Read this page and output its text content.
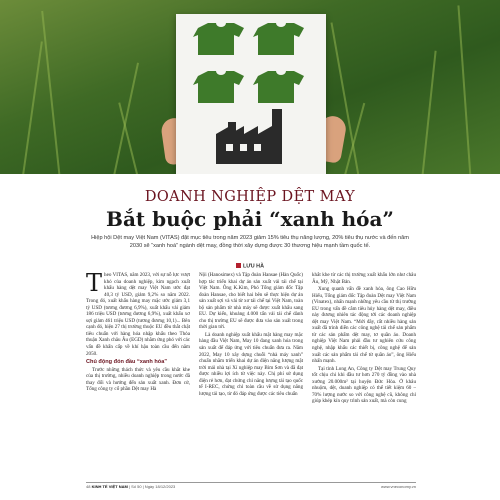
DOANH NGHIỆP DỆT MAY
Bắt buộc phải “xanh hóa”
Hiệp hội Dệt may Việt Nam (VITAS) đặt mục tiêu trong năm 2023 giảm 15% tiêu thụ năng lượng, 20% tiêu thụ nước và đến năm 2030 sẽ “xanh hoá” ngành dệt may, đồng thời xây dựng được 30 thương hiệu mạnh tầm quốc tế.
LƯU HÀ

Theo VITAS, năm 2023, với sự nỗ lực vượt khó của doanh nghiệp, kim ngạch xuất khẩu hàng dệt may Việt Nam ước đạt 40,3 tỷ USD, giảm 9,2% so năm 2022. Trong đó, xuất khẩu hàng may mặc ước giảm 3,1 tỷ USD (tương đương 6,9%), xuất khẩu vải giảm 186 triệu USD (tương đương 6,9%), xuất khẩu xơ sợi giảm 461 triệu USD (tương đương 10,1)... Bên cạnh đó, hiện 27 thị trường thuộc EU đều thắt chặt tiêu chuẩn với hàng hóa nhập khẩu theo Thỏa thuận Xanh châu Âu (EGD) nhằm ứng phó với các vấn đề khẩn cấp về khí hậu toàn cầu đến năm 2050.

Chủ động đón đầu “xanh hóa”

Trước những thách thức và yêu cầu khắt khe của thị trường, nhiều doanh nghiệp trong nước đã thay đổi và hướng đến sản xuất xanh. Đơn cử, Tổng công ty cổ phần Dệt may Hà

Nội (Hanosimex) và Tập đoàn Hansae (Hàn Quốc) hợp tác triển khai dự án sản xuất vải tái chế tại Việt Nam. Ông K.Kim, Phó Tổng giám đốc Tập đoàn Hansae, cho biết hai bên sẽ thực hiện dự án sản xuất sợi và vải từ xơ tái chế tại Việt Nam, toàn bộ sản phẩm từ nhà máy sẽ được xuất khẩu sang EU. Dự kiến, khoảng 4.000 tấn vải tái chế dành cho thị trường EU sẽ được đưa vào sản xuất trong thời gian tới.

Là doanh nghiệp xuất khẩu mặt hàng may mặc hàng đầu Việt Nam, May 10 đang xanh hóa trong sản xuất để đáp ứng với tiêu chuẩn đưa ra. Năm 2022, May 10 xây dựng chuỗi “nhà máy xanh” chuẩn nhằm triển khai dự án điện năng lượng mặt trời mái nhà tại Xí nghiệp may Bìm Sơn và đã đạt được nhiều lợi ích từ việc này. Chị phí sử dụng điện rẻ hơn, đạt chứng chỉ năng lượng tái tạo quốc tế I-REC, chứng chỉ toàn cầu về sử dụng năng lượng tái tạo, từ đó đáp ứng được các tiêu chuẩn

khắt khe từ các thị trường xuất khẩu lớn như châu Âu, Mỹ, Nhật Bản.

Xung quanh vấn đề xanh hóa, ông Cao Hữu Hiếu, Tổng giám đốc Tập đoàn Dệt may Việt Nam (Vinatex), nhấn mạnh những yêu cầu từ thị trường EU trong vấn đề cắm tiêu hủy hàng dệt may, điều này đương nhiên tác động tới các doanh nghiệp dệt may Việt Nam. “Mới đây, rất nhiều hàng sản xuất đã trình diễn các công nghệ tái chế sản phẩm từ các sản phẩm dệt may, tơ quần áo. Doanh nghiệp Việt Nam phải đầu tư nghiên cứu công nghệ, nhập khẩu các thiết bị, công nghệ để sản xuất các sản phẩm tái chế từ quần áo”, ông Hiếu nhấn mạnh.

Tại tỉnh Long An, Công ty Dệt may Trung Quy tốt chịu chi khi đầu tư hơn 270 tỷ đồng vào nhà xưởng 20.000m² tại huyện Đức Hòa. Ở khâu nhuộm, dệt, doanh nghiệp có thể tiết kiệm 60 – 70% lượng nước so với công nghệ cũ, không chỉ giúp khép kín quy trình sản xuất, mà còn cung

48 KINH TẾ VIỆT NAM | Số 50 | Ngày 18/12/2023	www.vneconomy.vn
